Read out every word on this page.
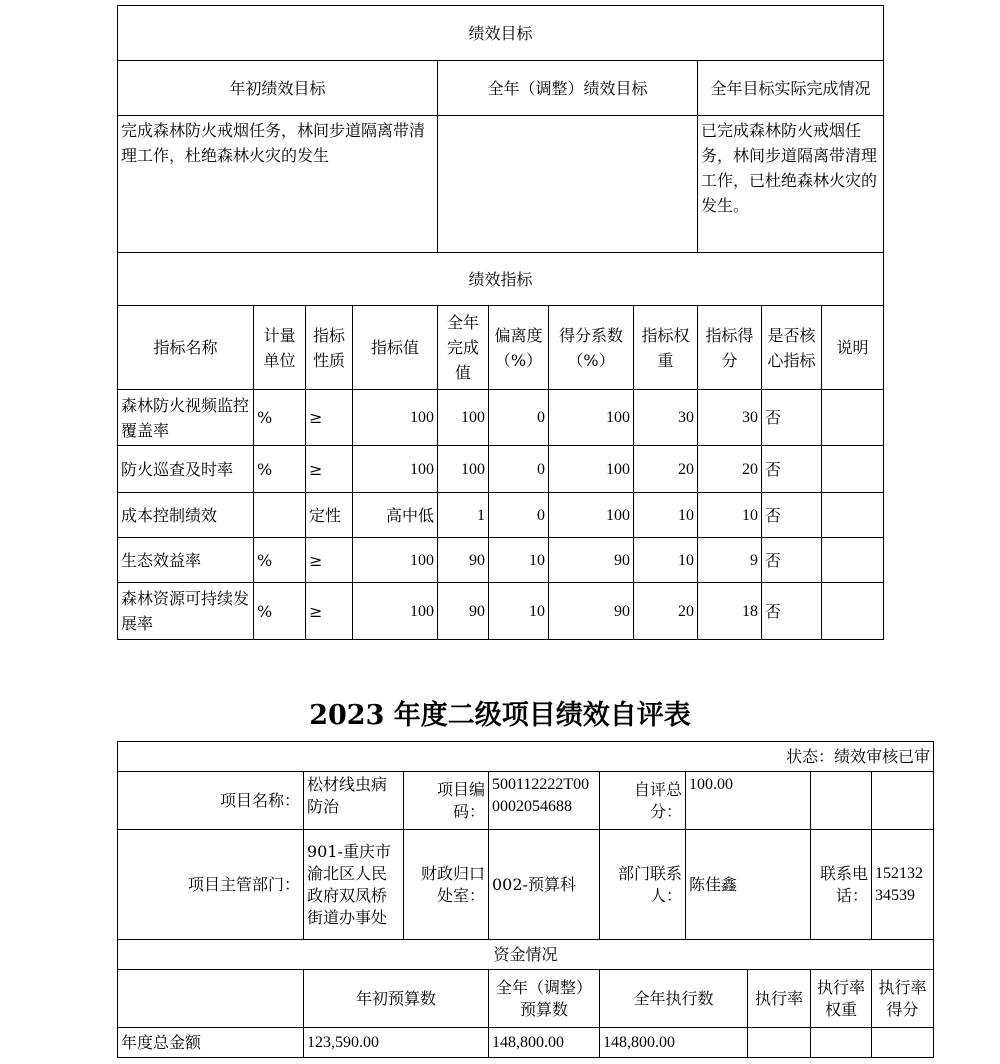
绩效目标										
年初绩效目标				全年（调整）绩效目标				全年目标实际完成情况		
完成森林防火戒烟任务，林间步道隔离带清理工作，杜绝森林火灾的发生								已完成森林防火戒烟任务，林间步道隔离带清理工作，已杜绝森林火灾的发生。		
绩效指标										
指标名称	计量单位	指标性质	指标值	全年完成值	偏离度（%）	得分系数（%）	指标权重	指标得分	是否核心指标	说明
森林防火视频监控覆盖率	%	≥	100	100	0	100	30	30	否	
防火巡查及时率	%	≥	100	100	0	100	20	20	否	
成本控制绩效		定性	高中低	1	0	100	10	10	否	
生态效益率	%	≥	100	90	10	90	10	9	否	
森林资源可持续发展率	%	≥	100	90	10	90	20	18	否	
2023 年度二级项目绩效自评表
状态：绩效审核已审								
项目名称：	松材线虫病防治	项目编码：	500112222T000002054688	自评总分：	100.00			
项目主管部门：	901-重庆市渝北区人民政府双凤桥街道办事处	财政归口处室：	002-预算科	部门联系人：	陈佳鑫		联系电话：	15213234539
资金情况								
	年初预算数		全年（调整）预算数	全年执行数		执行率	执行率权重	执行率得分
年度总金额	123,590.00		148,800.00	148,800.00				
